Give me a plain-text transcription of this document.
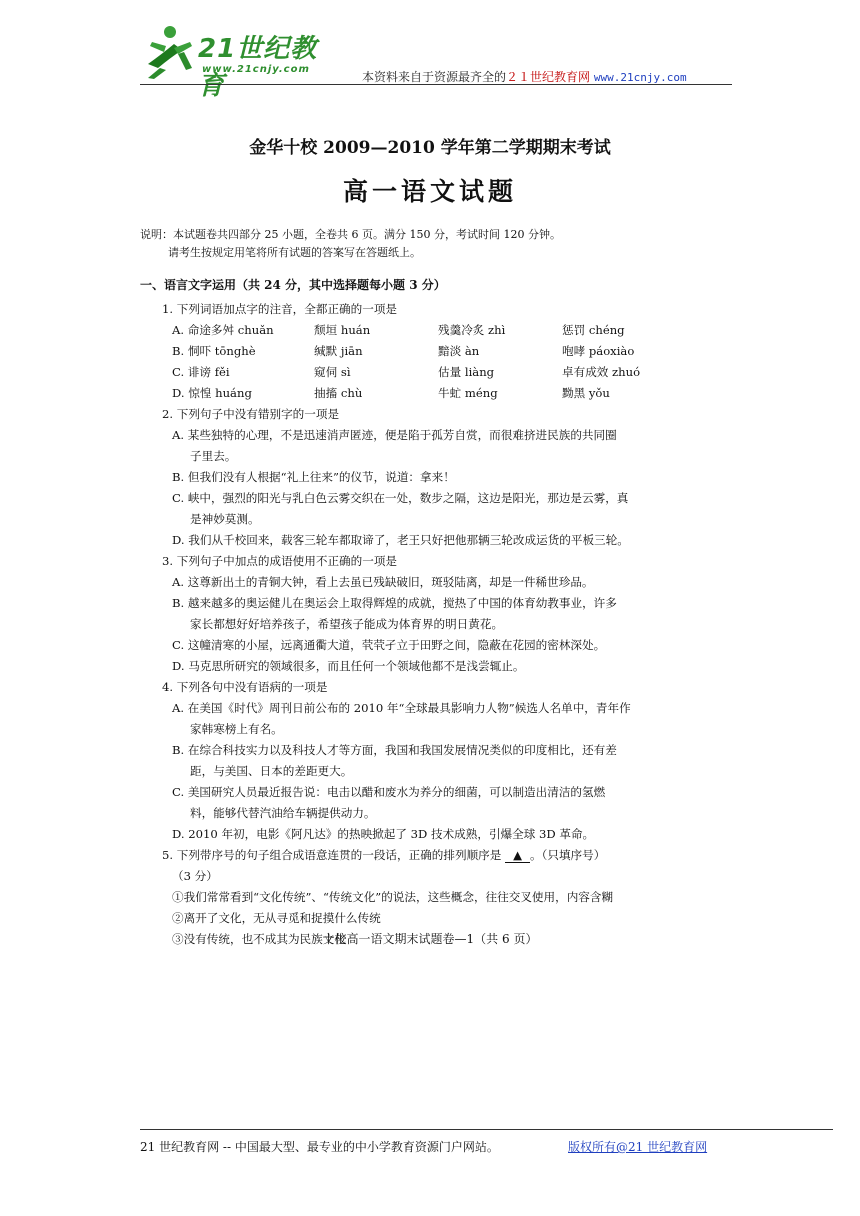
21世纪教育
www.21cnjy.com
本资料来自于资源最齐全的２１世纪教育网 www.21cnjy.com
金华十校 2009—2010 学年第二学期期末考试
高一语文试题
说明：本试题卷共四部分 25 小题，全卷共 6 页。满分 150 分，考试时间 120 分钟。
请考生按规定用笔将所有试题的答案写在答题纸上。
一、语言文字运用（共 24 分，其中选择题每小题 3 分）
1. 下列词语加点字的注音，全都正确的一项是
A. 命途多舛 chuǎn	颓垣 huán	残羹冷炙 zhì	惩罚 chéng
B. 恫吓 tōnghè	缄默 jiān	黯淡 àn	咆哮 páoxiào
C. 诽谤 fěi	窥伺 sì	估量 liàng	卓有成效 zhuó
D. 惊惶 huáng	抽搐 chù	牛虻 méng	黝黑 yǒu
2. 下列句子中没有错别字的一项是
A. 某些独特的心理，不是迅速消声匿迹，便是陷于孤芳自赏，而很难挤进民族的共同圈
子里去。
B. 但我们没有人根据“礼上往来”的仪节，说道：拿来！
C. 峡中，强烈的阳光与乳白色云雾交织在一处，数步之隔，这边是阳光，那边是云雾，真
是神妙莫测。
D. 我们从千校回来，载客三轮车都取谛了，老王只好把他那辆三轮改成运货的平板三轮。
3. 下列句子中加点的成语使用不正确的一项是
A. 这尊新出土的青铜大钟，看上去虽已残缺破旧，斑驳陆离，却是一件稀世珍品。
B. 越来越多的奥运健儿在奥运会上取得辉煌的成就，搅热了中国的体育幼教事业，许多
家长都想好好培养孩子，希望孩子能成为体育界的明日黄花。
C. 这幢清寒的小屋，远离通衢大道，茕茕孑立于田野之间，隐蔽在花园的密林深处。
D. 马克思所研究的领域很多，而且任何一个领域他都不是浅尝辄止。
4. 下列各句中没有语病的一项是
A. 在美国《时代》周刊日前公布的 2010 年“全球最具影响力人物”候选人名单中，青年作
家韩寒榜上有名。
B. 在综合科技实力以及科技人才等方面，我国和我国发展情况类似的印度相比，还有差
距，与美国、日本的差距更大。
C. 美国研究人员最近报告说：电击以醋和废水为养分的细菌，可以制造出清洁的氢燃
料，能够代替汽油给车辆提供动力。
D. 2010 年初，电影《阿凡达》的热映掀起了 3D 技术成熟，引爆全球 3D 革命。
5. 下列带序号的句子组合成语意连贯的一段话，正确的排列顺序是 ▲ 。（只填序号）
（3 分）
①我们常常看到“文化传统”、“传统文化”的说法，这些概念，往往交叉使用，内容含糊
②离开了文化，无从寻觅和捉摸什么传统
③没有传统，也不成其为民族文化
十校高一语文期末试题卷—1（共 6 页）
21 世纪教育网 -- 中国最大型、最专业的中小学教育资源门户网站。	版权所有@21 世纪教育网
